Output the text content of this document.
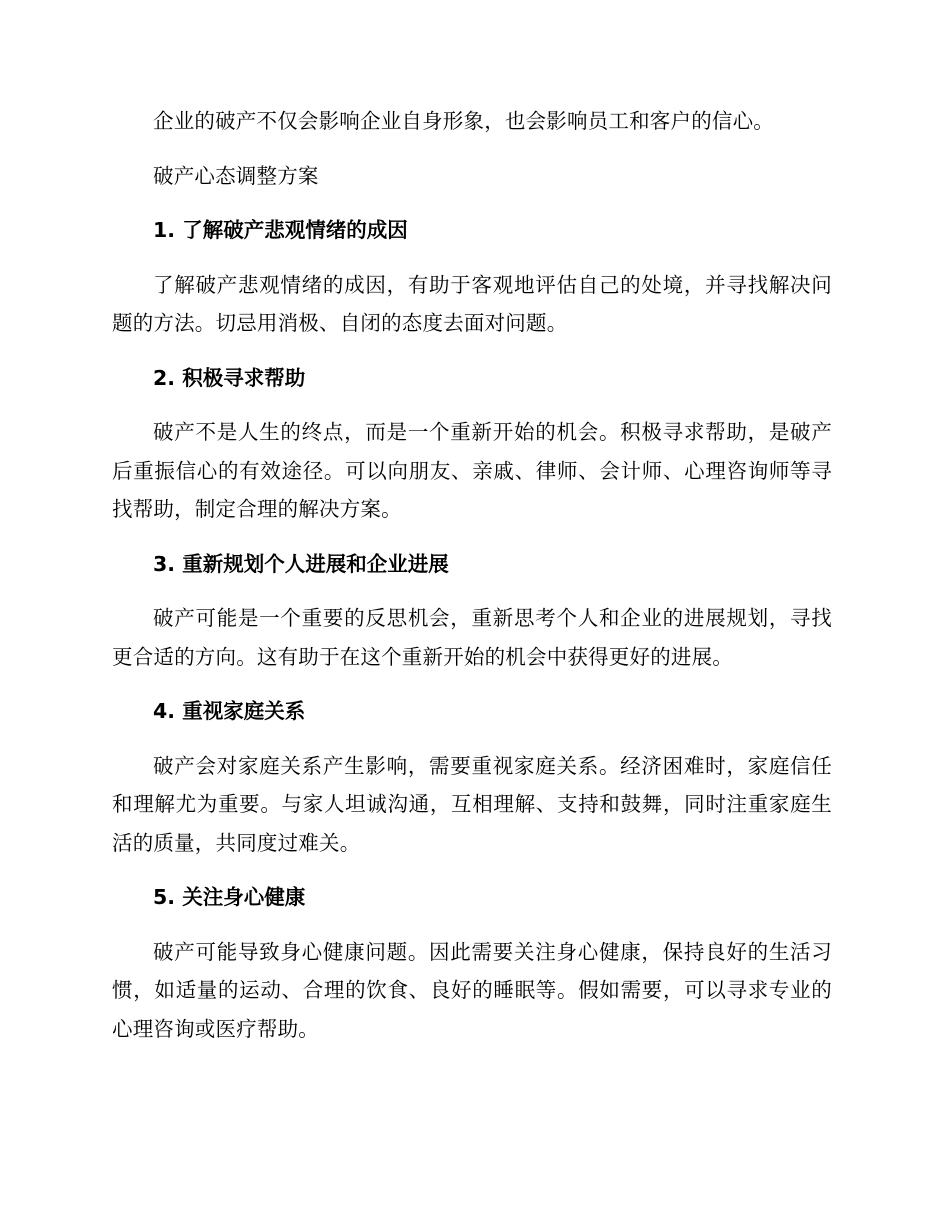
企业的破产不仅会影响企业自身形象，也会影响员工和客户的信心。

破产心态调整方案

1. 了解破产悲观情绪的成因

了解破产悲观情绪的成因，有助于客观地评估自己的处境，并寻找解决问题的方法。切忌用消极、自闭的态度去面对问题。

2. 积极寻求帮助

破产不是人生的终点，而是一个重新开始的机会。积极寻求帮助，是破产后重振信心的有效途径。可以向朋友、亲戚、律师、会计师、心理咨询师等寻找帮助，制定合理的解决方案。

3. 重新规划个人进展和企业进展

破产可能是一个重要的反思机会，重新思考个人和企业的进展规划，寻找更合适的方向。这有助于在这个重新开始的机会中获得更好的进展。

4. 重视家庭关系

破产会对家庭关系产生影响，需要重视家庭关系。经济困难时，家庭信任和理解尤为重要。与家人坦诚沟通，互相理解、支持和鼓舞，同时注重家庭生活的质量，共同度过难关。

5. 关注身心健康

破产可能导致身心健康问题。因此需要关注身心健康，保持良好的生活习惯，如适量的运动、合理的饮食、良好的睡眠等。假如需要，可以寻求专业的心理咨询或医疗帮助。
